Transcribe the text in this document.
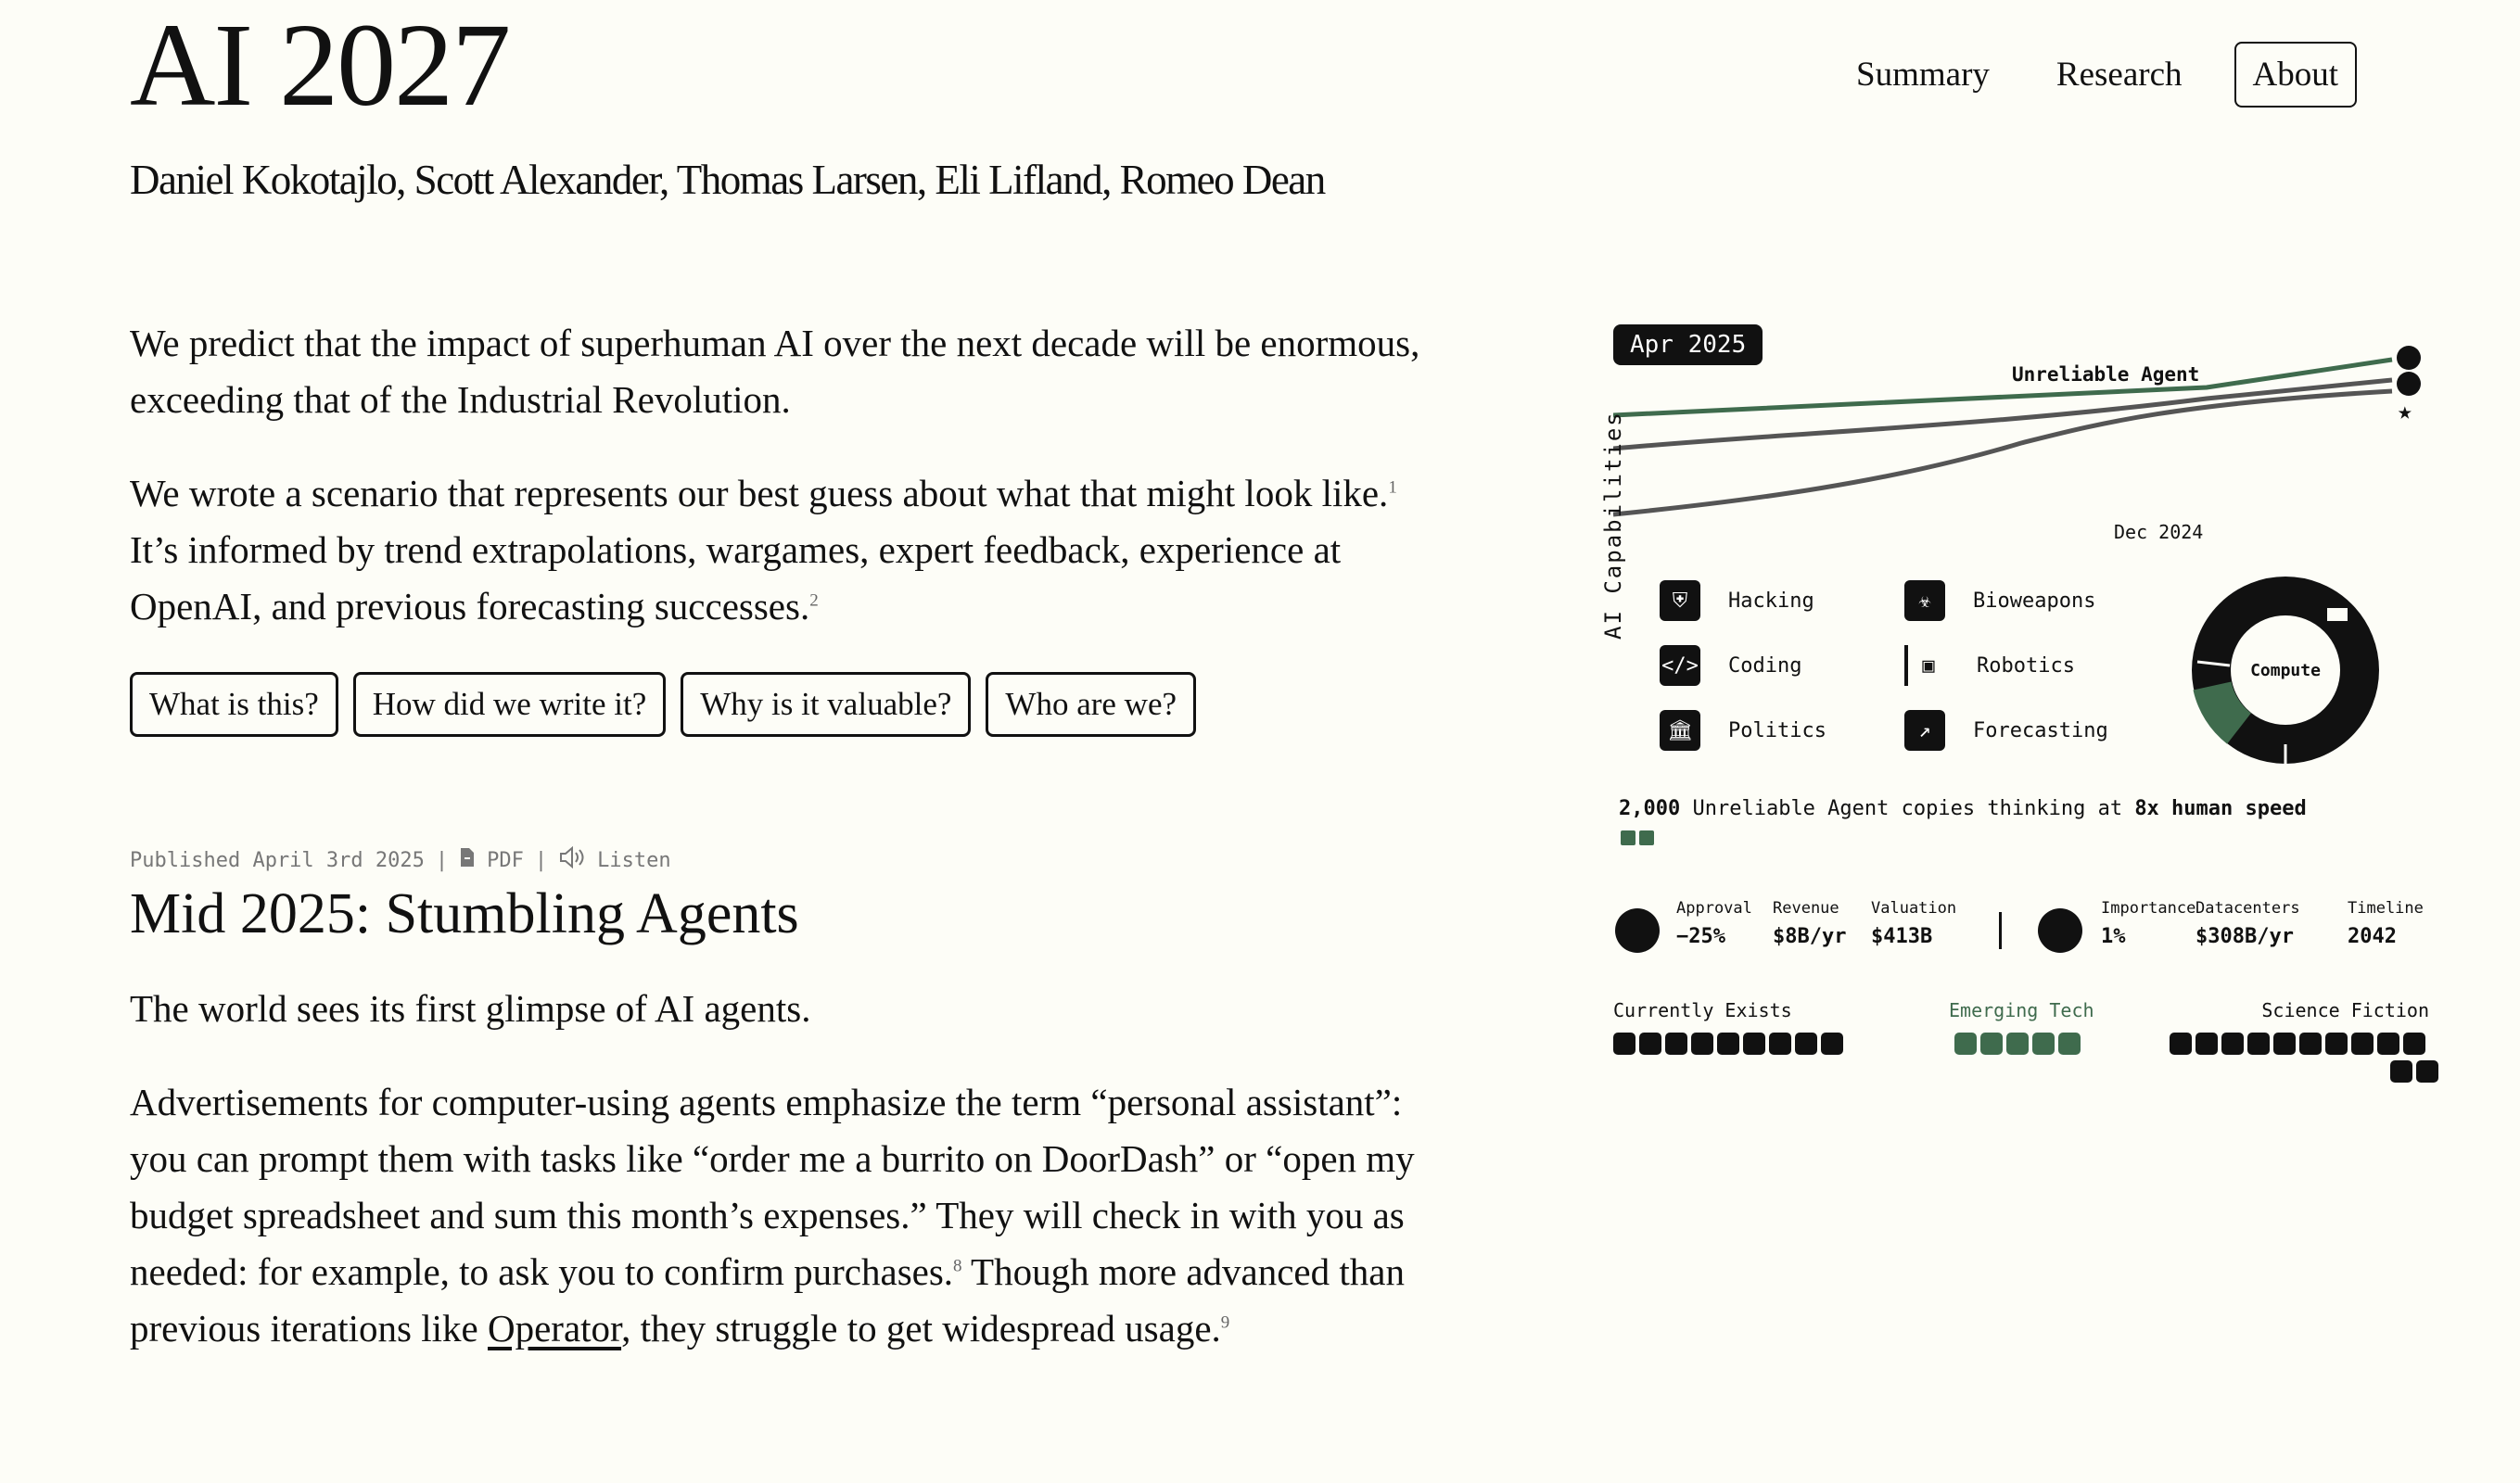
AI 2027
Daniel Kokotajlo, Scott Alexander, Thomas Larsen, Eli Lifland, Romeo Dean
Summary	Research	About

We predict that the impact of superhuman AI over the next decade will be enormous, exceeding that of the Industrial Revolution.

We wrote a scenario that represents our best guess about what that might look like.$^1$ It’s informed by trend extrapolations, wargames, expert feedback, experience at OpenAI, and previous forecasting successes.$^2$

What is this?	How did we write it?	Why is it valuable?	Who are we?
Published April 3rd 2025 | PDF | Listen
Mid 2025: Stumbling Agents

The world sees its first glimpse of AI agents.

Advertisements for computer-using agents emphasize the term “personal assistant”: you can prompt them with tasks like “order me a burrito on DoorDash” or “open my budget spreadsheet and sum this month’s expenses.” They will check in with you as needed: for example, to ask you to confirm purchases.$^8$ Though more advanced than previous iterations like Operator, they struggle to get widespread usage.$^9$

★
Apr 2025
Unreliable Agent
Dec 2024
AI Capabilities	⛨	Hacking
</> Coding
🏛	Politics
☣	Bioweapons
▣	Robotics
↗	Forecasting
Compute
2,000 Unreliable Agent copies thinking at 8x human speed
Approval
−25%
Revenue
$8B/yr
Valuation
$413B
Importance
1%
Datacenters
$308B/yr
Timeline
2042
Currently Exists	Emerging Tech	Science Fiction
